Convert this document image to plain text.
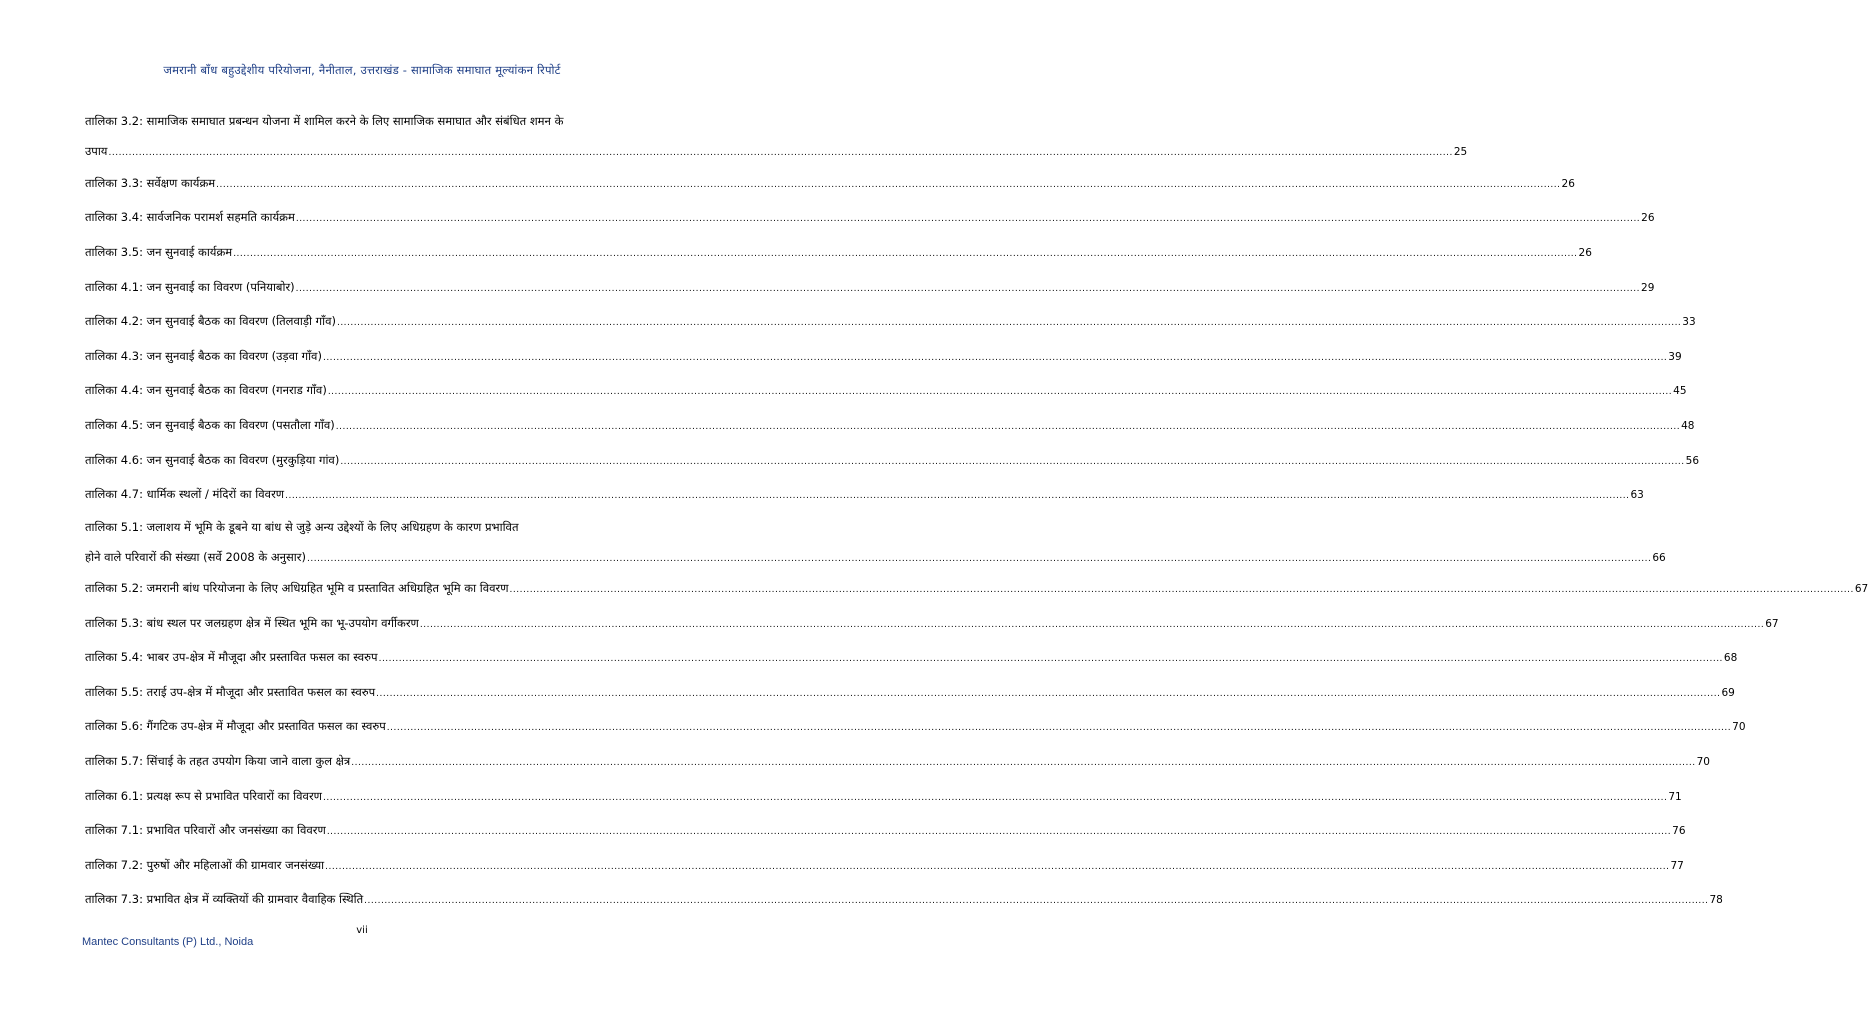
जमरानी बाँध बहुउद्देशीय परियोजना, नैनीताल, उत्तराखंड - सामाजिक समाघात मूल्यांकन रिपोर्ट
तालिका 3.2: सामाजिक समाघात प्रबन्धन योजना में शामिल करने के लिए सामाजिक समाघात और संबंधित शमन के
उपाय ................................................................................................................................................................................................................................................................................................................................................................................................................ 25
तालिका 3.3: सर्वेक्षण कार्यक्रम ................................................................................................................................................................................................................................................................................................................................................................................................................ 26
तालिका 3.4: सार्वजनिक परामर्श सहमति कार्यक्रम ................................................................................................................................................................................................................................................................................................................................................................................................................ 26
तालिका 3.5: जन सुनवाई कार्यक्रम ................................................................................................................................................................................................................................................................................................................................................................................................................ 26
तालिका 4.1: जन सुनवाई का विवरण (पनियाबोर) ................................................................................................................................................................................................................................................................................................................................................................................................................ 29
तालिका 4.2: जन सुनवाई बैठक का विवरण (तिलवाड़ी गाँव) ................................................................................................................................................................................................................................................................................................................................................................................................................ 33
तालिका 4.3: जन सुनवाई बैठक का विवरण (उड़वा गाँव) ................................................................................................................................................................................................................................................................................................................................................................................................................ 39
तालिका 4.4: जन सुनवाई बैठक का विवरण (गनराड गाँव) ................................................................................................................................................................................................................................................................................................................................................................................................................ 45
तालिका 4.5: जन सुनवाई बैठक का विवरण (पसतौला गाँव) ................................................................................................................................................................................................................................................................................................................................................................................................................ 48
तालिका 4.6: जन सुनवाई बैठक का विवरण (मुरकुड़िया गांव) ................................................................................................................................................................................................................................................................................................................................................................................................................ 56
तालिका 4.7: धार्मिक स्थलों / मंदिरों का विवरण ................................................................................................................................................................................................................................................................................................................................................................................................................ 63
तालिका 5.1: जलाशय में भूमि के डूबने या बांध से जुड़े अन्य उद्देश्यों के लिए अधिग्रहण के कारण प्रभावित
होने वाले परिवारों की संख्या (सर्वे 2008 के अनुसार) ................................................................................................................................................................................................................................................................................................................................................................................................................ 66
तालिका 5.2: जमरानी बांध परियोजना के लिए अधिग्रहित भूमि व प्रस्तावित अधिग्रहित भूमि का विवरण ................................................................................................................................................................................................................................................................................................................................................................................................................ 67
तालिका 5.3: बांध स्थल पर जलग्रहण क्षेत्र में स्थित भूमि का भू-उपयोग वर्गीकरण ................................................................................................................................................................................................................................................................................................................................................................................................................ 67
तालिका 5.4: भाबर उप-क्षेत्र में मौजूदा और प्रस्तावित फसल का स्वरुप ................................................................................................................................................................................................................................................................................................................................................................................................................ 68
तालिका 5.5: तराई उप-क्षेत्र में मौजूदा और प्रस्तावित फसल का स्वरुप ................................................................................................................................................................................................................................................................................................................................................................................................................ 69
तालिका 5.6: गैंगटिक उप-क्षेत्र में मौजूदा और प्रस्तावित फसल का स्वरुप ................................................................................................................................................................................................................................................................................................................................................................................................................ 70
तालिका 5.7: सिंचाई के तहत उपयोग किया जाने वाला कुल क्षेत्र ................................................................................................................................................................................................................................................................................................................................................................................................................ 70
तालिका 6.1: प्रत्यक्ष रूप से प्रभावित परिवारों का विवरण ................................................................................................................................................................................................................................................................................................................................................................................................................ 71
तालिका 7.1: प्रभावित परिवारों और जनसंख्या का विवरण ................................................................................................................................................................................................................................................................................................................................................................................................................ 76
तालिका 7.2: पुरुषों और महिलाओं की ग्रामवार जनसंख्या ................................................................................................................................................................................................................................................................................................................................................................................................................ 77
तालिका 7.3: प्रभावित क्षेत्र में व्यक्तियों की ग्रामवार वैवाहिक स्थिति ................................................................................................................................................................................................................................................................................................................................................................................................................ 78
vii
Mantec Consultants (P) Ltd., Noida
